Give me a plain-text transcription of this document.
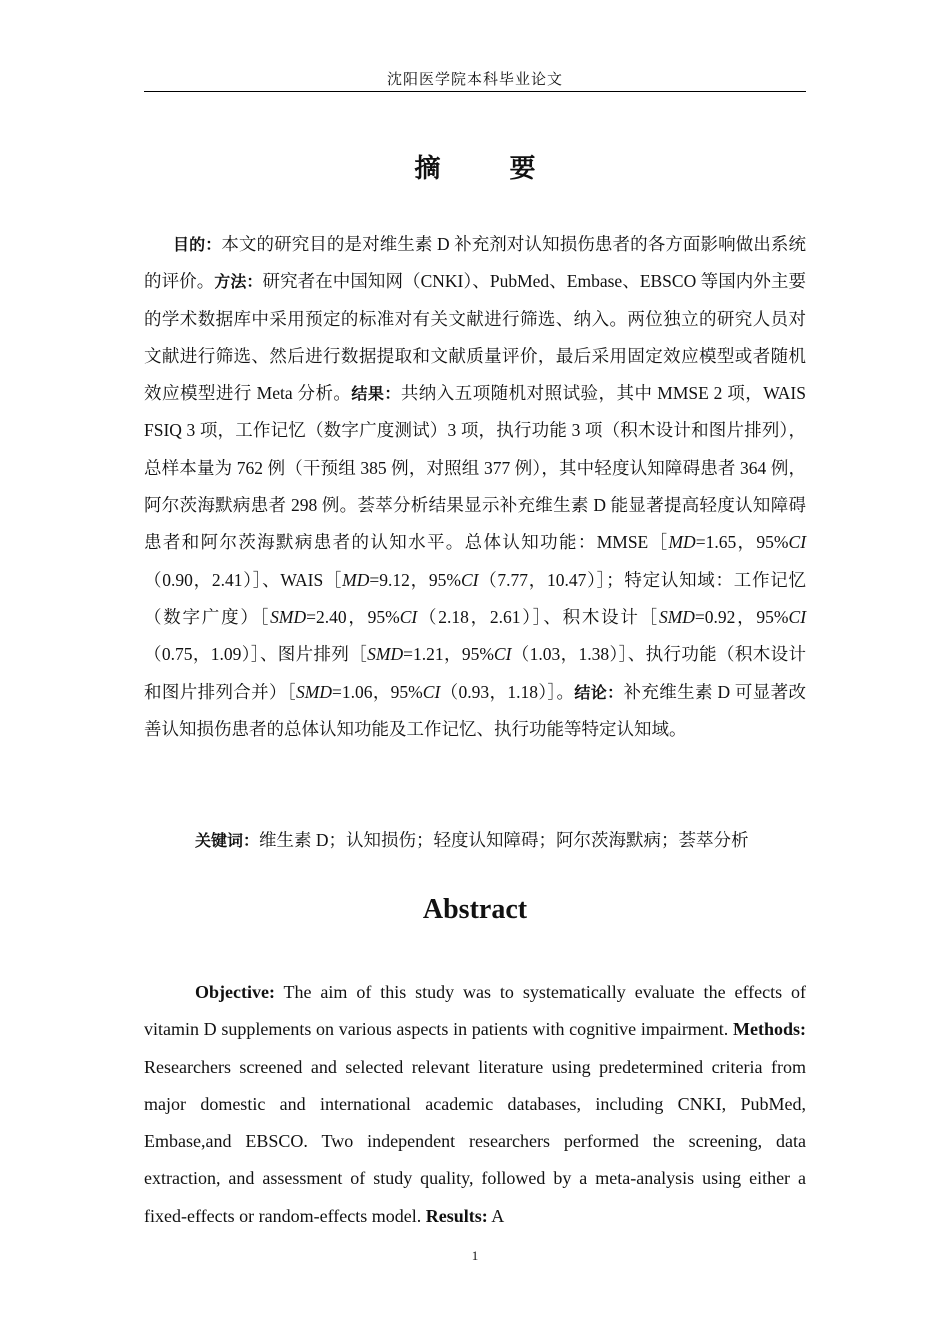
沈阳医学院本科毕业论文
摘 要

目的：本文的研究目的是对维生素 D 补充剂对认知损伤患者的各方面影响做出系统的评价。方法：研究者在中国知网（CNKI）、PubMed、Embase、EBSCO 等国内外主要的学术数据库中采用预定的标准对有关文献进行筛选、纳入。两位独立的研究人员对文献进行筛选、然后进行数据提取和文献质量评价，最后采用固定效应模型或者随机效应模型进行 Meta 分析。结果：共纳入五项随机对照试验，其中 MMSE 2 项，WAIS FSIQ 3 项，工作记忆（数字广度测试）3 项，执行功能 3 项（积木设计和图片排列），总样本量为 762 例（干预组 385 例，对照组 377 例），其中轻度认知障碍患者 364 例，阿尔茨海默病患者 298 例。荟萃分析结果显示补充维生素 D 能显著提高轻度认知障碍患者和阿尔茨海默病患者的认知水平。总体认知功能：MMSE［MD=1.65，95%CI（0.90，2.41）］、WAIS［MD=9.12，95%CI（7.77，10.47）］；特定认知域：工作记忆（数字广度）［SMD=2.40，95%CI（2.18，2.61）］、积木设计［SMD=0.92，95%CI（0.75，1.09）］、图片排列［SMD=1.21，95%CI（1.03，1.38）］、执行功能（积木设计和图片排列合并）［SMD=1.06，95%CI（0.93，1.18）］。结论：补充维生素 D 可显著改善认知损伤患者的总体认知功能及工作记忆、执行功能等特定认知域。

关键词：维生素 D；认知损伤；轻度认知障碍；阿尔茨海默病；荟萃分析
Abstract

Objective: The aim of this study was to systematically evaluate the effects of vitamin D supplements on various aspects in patients with cognitive impairment. Methods: Researchers screened and selected relevant literature using predetermined criteria from major domestic and international academic databases, including CNKI, PubMed, Embase,and EBSCO. Two independent researchers performed the screening, data extraction, and assessment of study quality, followed by a meta-analysis using either a fixed-effects or random-effects model. Results: A

1
